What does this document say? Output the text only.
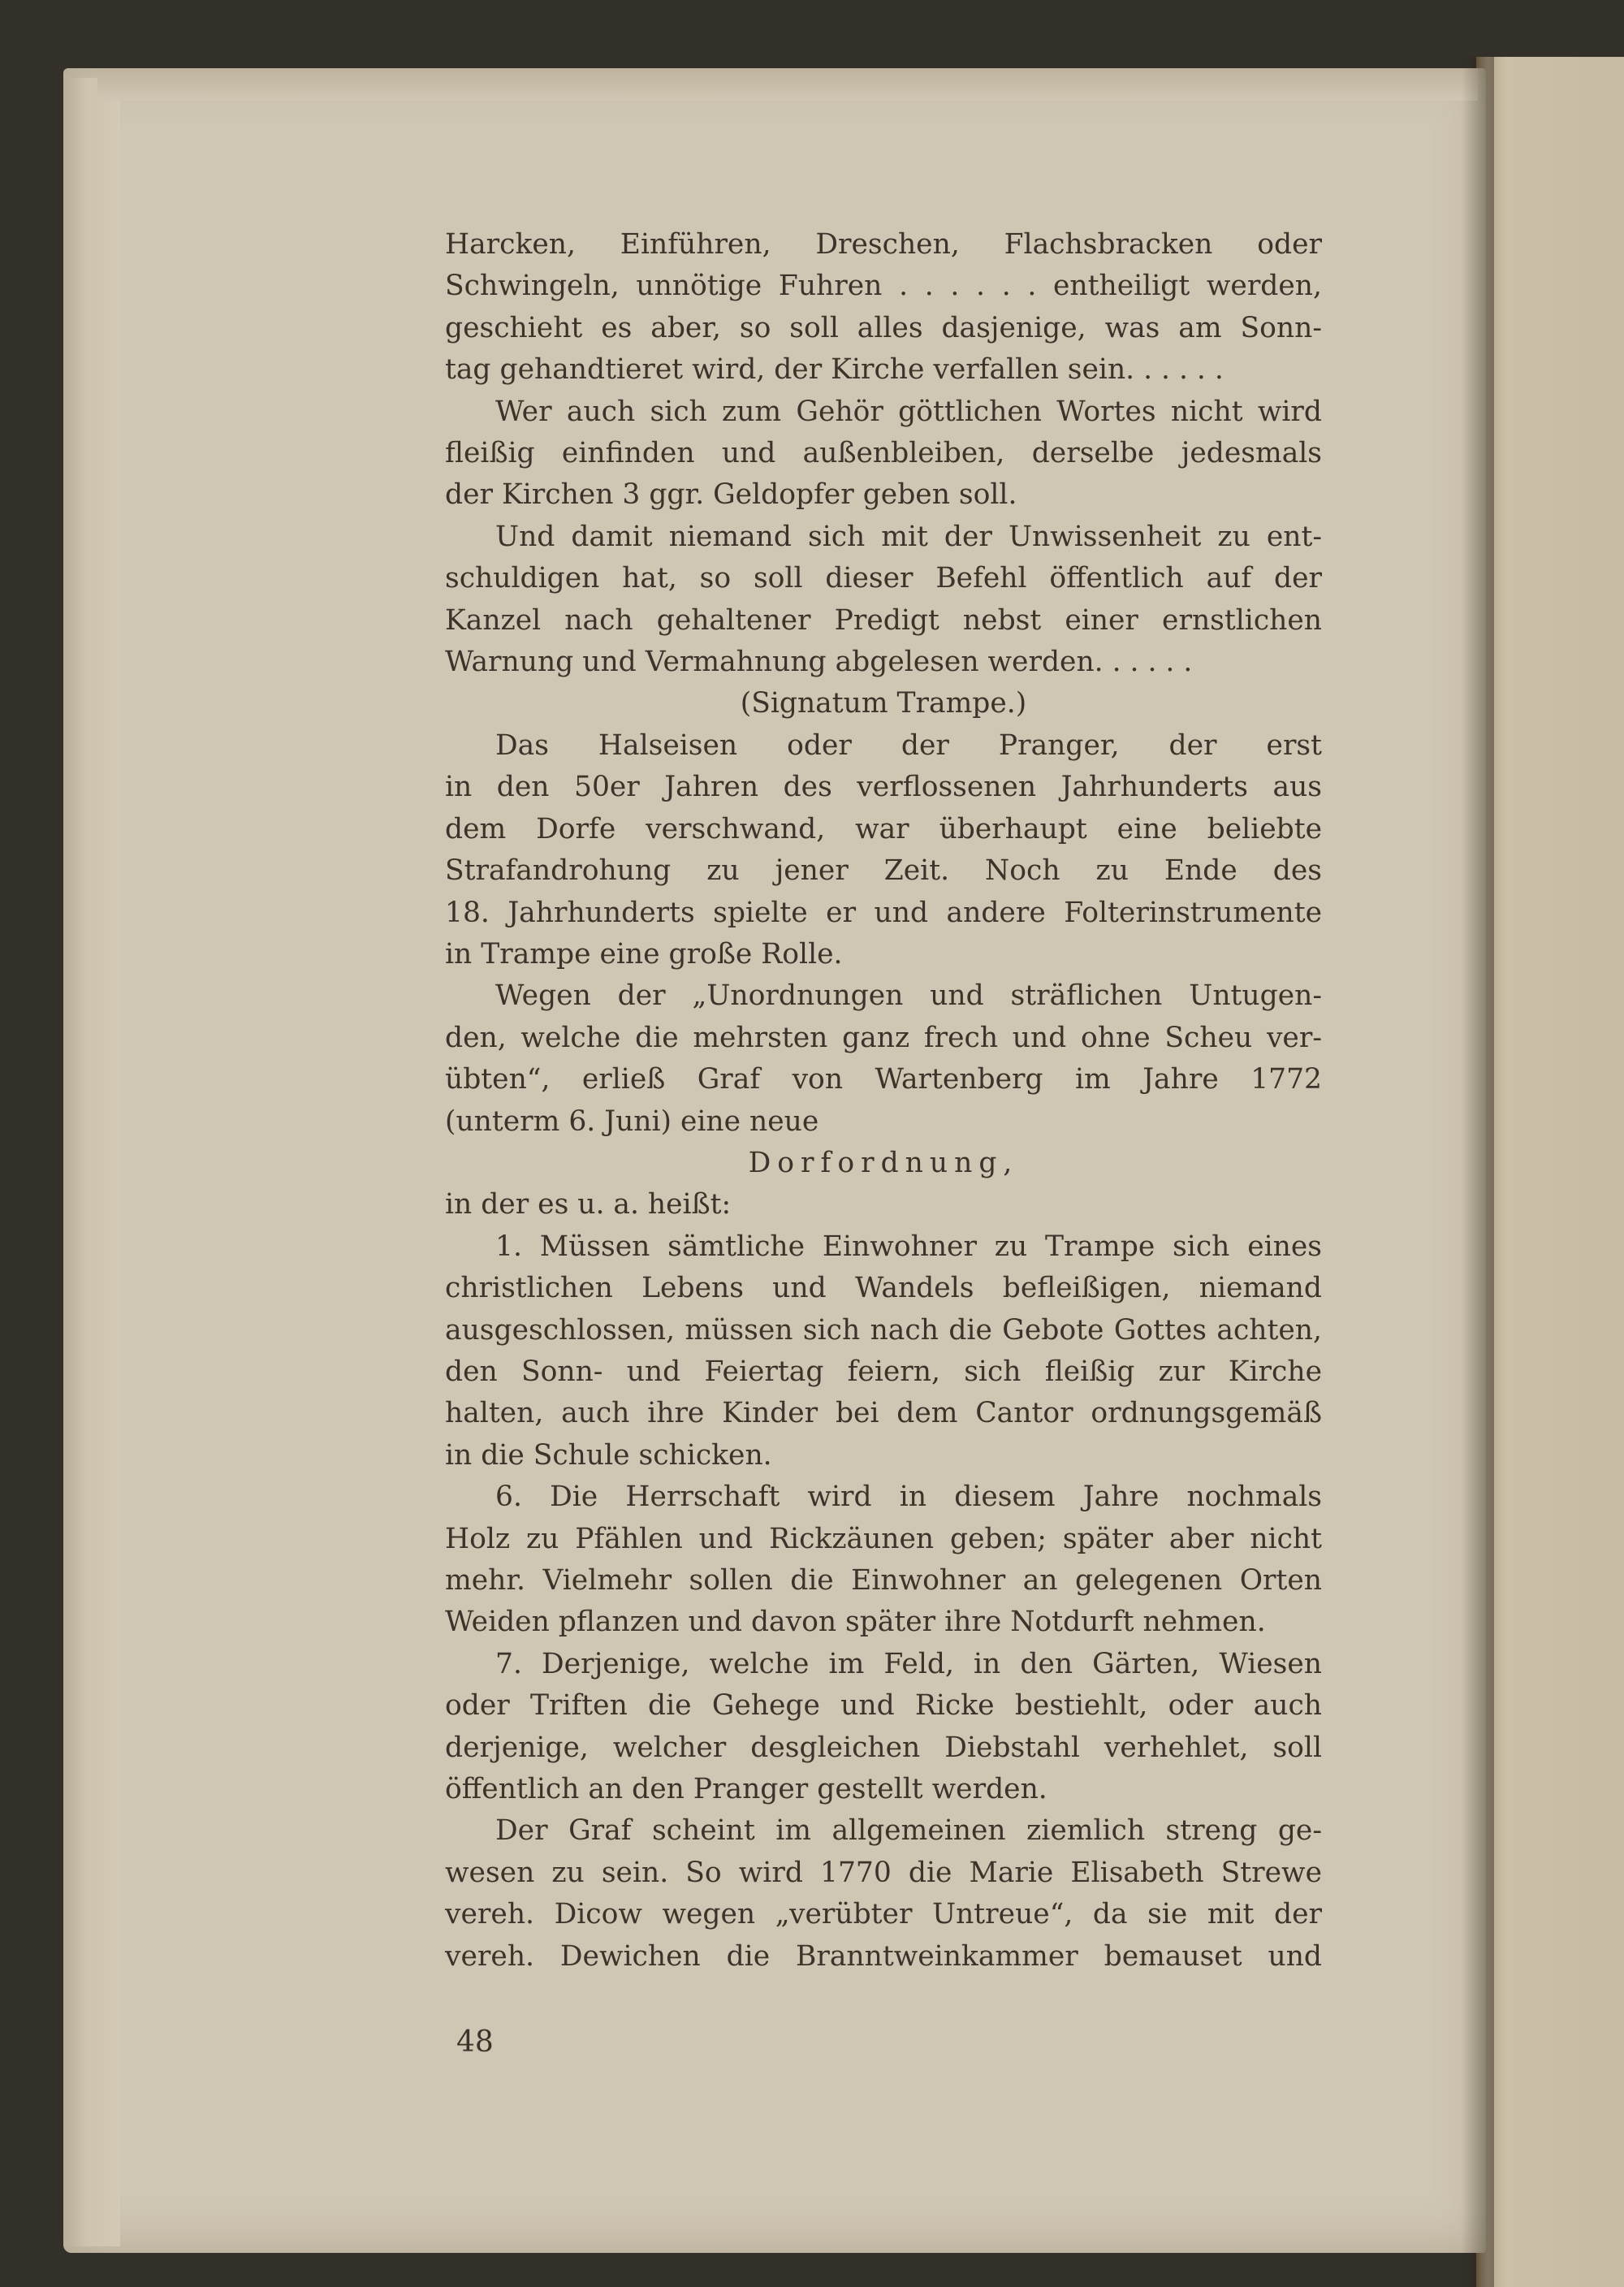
Harcken, Einführen, Dreschen, Flachsbracken oder
Schwingeln, unnötige Fuhren . . . . . . entheiligt werden,
geschieht es aber, so soll alles dasjenige, was am Sonn-
tag gehandtieret wird, der Kirche verfallen sein. . . . . .
Wer auch sich zum Gehör göttlichen Wortes nicht wird
fleißig einfinden und außenbleiben, derselbe jedesmals
der Kirchen 3 ggr. Geldopfer geben soll.
Und damit niemand sich mit der Unwissenheit zu ent-
schuldigen hat, so soll dieser Befehl öffentlich auf der
Kanzel nach gehaltener Predigt nebst einer ernstlichen
Warnung und Vermahnung abgelesen werden. . . . . .
(Signatum Trampe.)
Das Halseisen oder der Pranger, der erst
in den 50er Jahren des verflossenen Jahrhunderts aus
dem Dorfe verschwand, war überhaupt eine beliebte
Strafandrohung zu jener Zeit. Noch zu Ende des
18. Jahrhunderts spielte er und andere Folterinstrumente
in Trampe eine große Rolle.
Wegen der „Unordnungen und sträflichen Untugen-
den, welche die mehrsten ganz frech und ohne Scheu ver-
übten“, erließ Graf von Wartenberg im Jahre 1772
(unterm 6. Juni) eine neue
Dorfordnung,
in der es u. a. heißt:
1. Müssen sämtliche Einwohner zu Trampe sich eines
christlichen Lebens und Wandels befleißigen, niemand
ausgeschlossen, müssen sich nach die Gebote Gottes achten,
den Sonn- und Feiertag feiern, sich fleißig zur Kirche
halten, auch ihre Kinder bei dem Cantor ordnungsgemäß
in die Schule schicken.
6. Die Herrschaft wird in diesem Jahre nochmals
Holz zu Pfählen und Rickzäunen geben; später aber nicht
mehr. Vielmehr sollen die Einwohner an gelegenen Orten
Weiden pflanzen und davon später ihre Notdurft nehmen.
7. Derjenige, welche im Feld, in den Gärten, Wiesen
oder Triften die Gehege und Ricke bestiehlt, oder auch
derjenige, welcher desgleichen Diebstahl verhehlet, soll
öffentlich an den Pranger gestellt werden.
Der Graf scheint im allgemeinen ziemlich streng ge-
wesen zu sein. So wird 1770 die Marie Elisabeth Strewe
vereh. Dicow wegen „verübter Untreue“, da sie mit der
vereh. Dewichen die Branntweinkammer bemauset und
48
